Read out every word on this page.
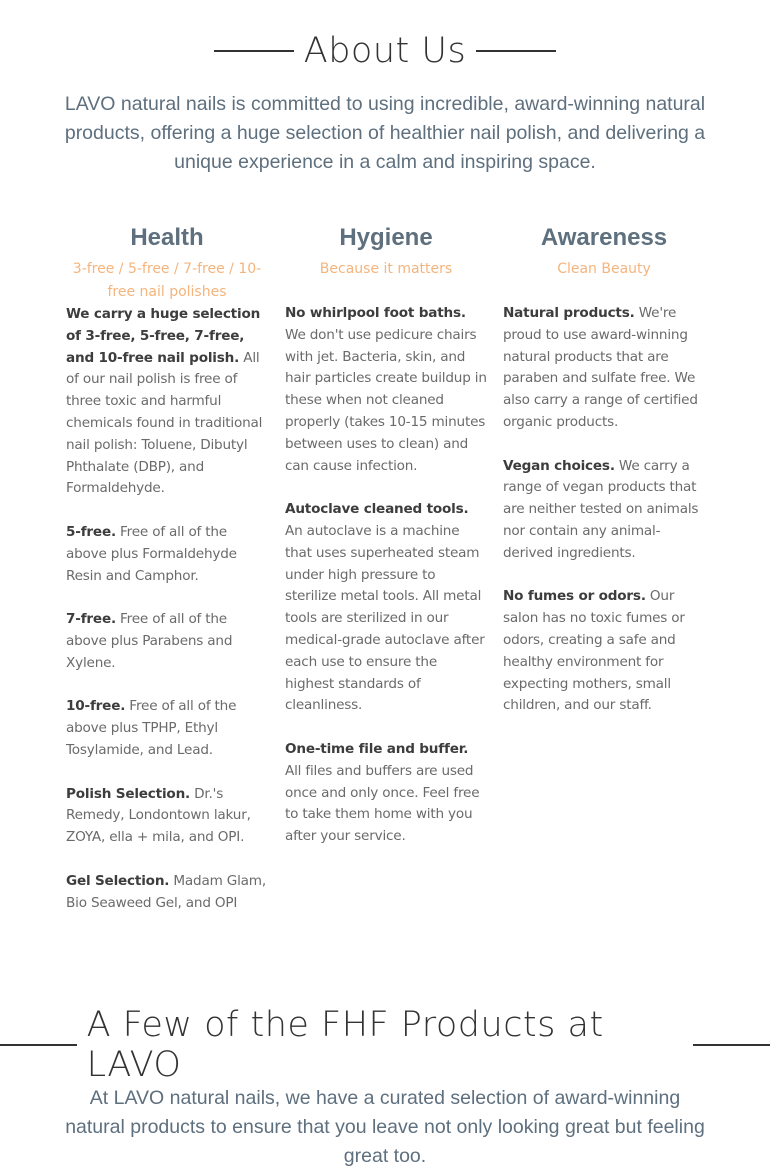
About Us
LAVO natural nails is committed to using incredible, award-winning natural products, offering a huge selection of healthier nail polish, and delivering a unique experience in a calm and inspiring space.
Health
3-free / 5-free / 7-free / 10-free nail polishes

We carry a huge selection of 3-free, 5-free, 7-free, and 10-free nail polish. All of our nail polish is free of three toxic and harmful chemicals found in traditional nail polish: Toluene, Dibutyl Phthalate (DBP), and Formaldehyde.

5-free. Free of all of the above plus Formaldehyde Resin and Camphor.

7-free. Free of all of the above plus Parabens and Xylene.

10-free. Free of all of the above plus TPHP, Ethyl Tosylamide, and Lead.

Polish Selection. Dr.'s Remedy, Londontown lakur, ZOYA, ella + mila, and OPI.

Gel Selection. Madam Glam, Bio Seaweed Gel, and OPI

Hygiene
Because it matters

No whirlpool foot baths. We don't use pedicure chairs with jet. Bacteria, skin, and hair particles create buildup in these when not cleaned properly (takes 10-15 minutes between uses to clean) and can cause infection.

Autoclave cleaned tools. An autoclave is a machine that uses superheated steam under high pressure to sterilize metal tools. All metal tools are sterilized in our medical-grade autoclave after each use to ensure the highest standards of cleanliness.

One-time file and buffer. All files and buffers are used once and only once. Feel free to take them home with you after your service.

Awareness
Clean Beauty

Natural products. We're proud to use award-winning natural products that are paraben and sulfate free. We also carry a range of certified organic products.

Vegan choices. We carry a range of vegan products that are neither tested on animals nor contain any animal-derived ingredients.

No fumes or odors. Our salon has no toxic fumes or odors, creating a safe and healthy environment for expecting mothers, small children, and our staff.

A Few of the FHF Products at LAVO
At LAVO natural nails, we have a curated selection of award-winning natural products to ensure that you leave not only looking great but feeling great too.
